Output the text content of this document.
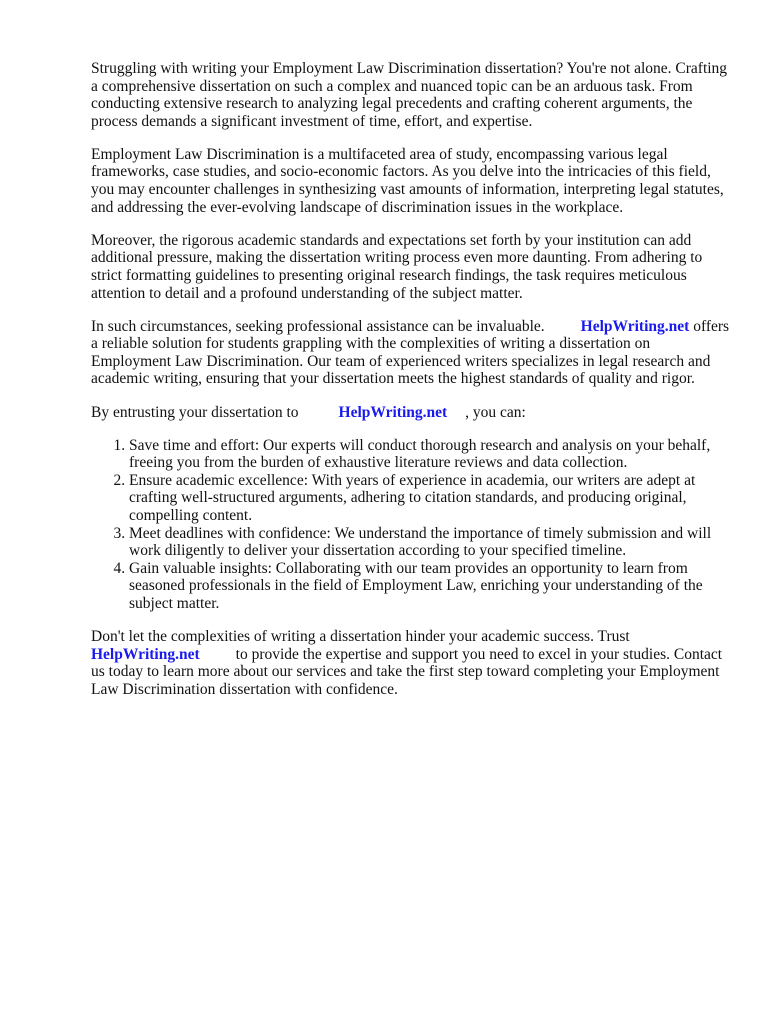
Struggling with writing your Employment Law Discrimination dissertation? You're not alone. Crafting a comprehensive dissertation on such a complex and nuanced topic can be an arduous task. From conducting extensive research to analyzing legal precedents and crafting coherent arguments, the process demands a significant investment of time, effort, and expertise.

Employment Law Discrimination is a multifaceted area of study, encompassing various legal frameworks, case studies, and socio-economic factors. As you delve into the intricacies of this field, you may encounter challenges in synthesizing vast amounts of information, interpreting legal statutes, and addressing the ever-evolving landscape of discrimination issues in the workplace.

Moreover, the rigorous academic standards and expectations set forth by your institution can add additional pressure, making the dissertation writing process even more daunting. From adhering to strict formatting guidelines to presenting original research findings, the task requires meticulous attention to detail and a profound understanding of the subject matter.

In such circumstances, seeking professional assistance can be invaluable. HelpWriting.net offers a reliable solution for students grappling with the complexities of writing a dissertation on Employment Law Discrimination. Our team of experienced writers specializes in legal research and academic writing, ensuring that your dissertation meets the highest standards of quality and rigor.

By entrusting your dissertation to	HelpWriting.net , you can:

1. Save time and effort: Our experts will conduct thorough research and analysis on your behalf, freeing you from the burden of exhaustive literature reviews and data collection.
2. Ensure academic excellence: With years of experience in academia, our writers are adept at crafting well-structured arguments, adhering to citation standards, and producing original, compelling content.
3. Meet deadlines with confidence: We understand the importance of timely submission and will work diligently to deliver your dissertation according to your specified timeline.
4. Gain valuable insights: Collaborating with our team provides an opportunity to learn from seasoned professionals in the field of Employment Law, enriching your understanding of the subject matter.

Don't let the complexities of writing a dissertation hinder your academic success. Trust HelpWriting.net to provide the expertise and support you need to excel in your studies. Contact us today to learn more about our services and take the first step toward completing your Employment Law Discrimination dissertation with confidence.
